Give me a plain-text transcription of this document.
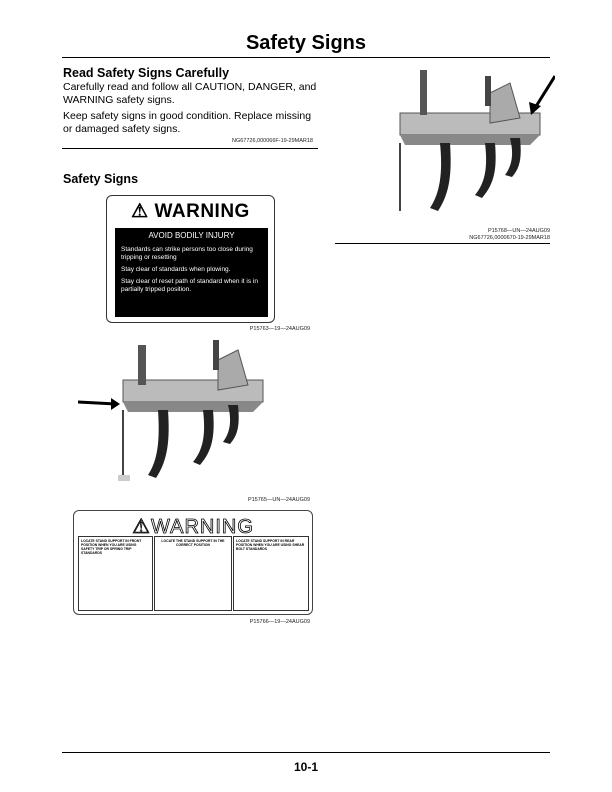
Safety Signs
Read Safety Signs Carefully

Carefully read and follow all CAUTION, DANGER, and WARNING safety signs.

Keep safety signs in good condition. Replace missing or damaged safety signs.

NG67726,000066F-19-29MAR18
Safety Signs
⚠ WARNING
AVOID BODILY INJURY
Standards can strike persons too close during tripping or resetting
Stay clear of standards when plowing.
Stay clear of reset path of standard when it is in partially tripped position.
P15763—19—24AUG09
P15765—UN—24AUG09
⚠WARNING
LOCATE STAND SUPPORT IN FRONT POSITION WHEN YOU ARE USING SAFETY TRIP OR SPRING TRIP STANDARDS
LOCATE THE STAND SUPPORT IN THE CORRECT POSITION
LOCATE STAND SUPPORT IN REAR POSITION WHEN YOU ARE USING SHEAR BOLT STANDARDS
P15766—19—24AUG09
P15768—UN—24AUG09
NG67726,0000670-19-29MAR18
10-1
